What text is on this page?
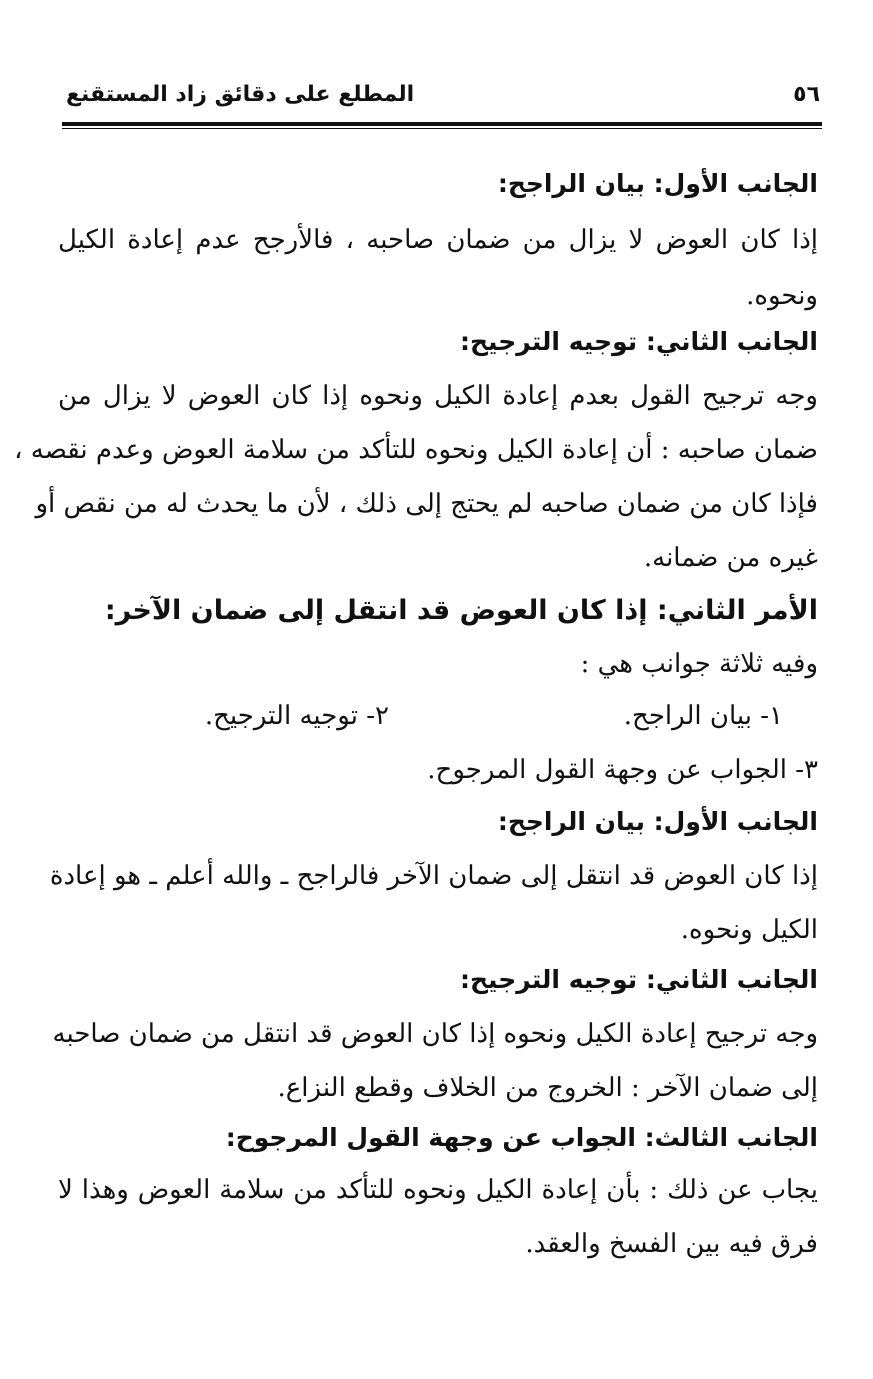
المطلع على دقائق زاد المستقنع	٥٦
الجانب الأول: بيان الراجح:
إذا كان العوض لا يزال من ضمان صاحبه ، فالأرجح عدم إعادة الكيل
ونحوه.
الجانب الثاني: توجيه الترجيح:
وجه ترجيح القول بعدم إعادة الكيل ونحوه إذا كان العوض لا يزال من
ضمان صاحبه : أن إعادة الكيل ونحوه للتأكد من سلامة العوض وعدم نقصه ،
فإذا كان من ضمان صاحبه لم يحتج إلى ذلك ، لأن ما يحدث له من نقص أو
غيره من ضمانه.
الأمر الثاني: إذا كان العوض قد انتقل إلى ضمان الآخر:
وفيه ثلاثة جوانب هي :
١- بيان الراجح.
٢- توجيه الترجيح.
٣- الجواب عن وجهة القول المرجوح.
الجانب الأول: بيان الراجح:
إذا كان العوض قد انتقل إلى ضمان الآخر فالراجح ـ والله أعلم ـ هو إعادة
الكيل ونحوه.
الجانب الثاني: توجيه الترجيح:
وجه ترجيح إعادة الكيل ونحوه إذا كان العوض قد انتقل من ضمان صاحبه
إلى ضمان الآخر : الخروج من الخلاف وقطع النزاع.
الجانب الثالث: الجواب عن وجهة القول المرجوح:
يجاب عن ذلك : بأن إعادة الكيل ونحوه للتأكد من سلامة العوض وهذا لا
فرق فيه بين الفسخ والعقد.
